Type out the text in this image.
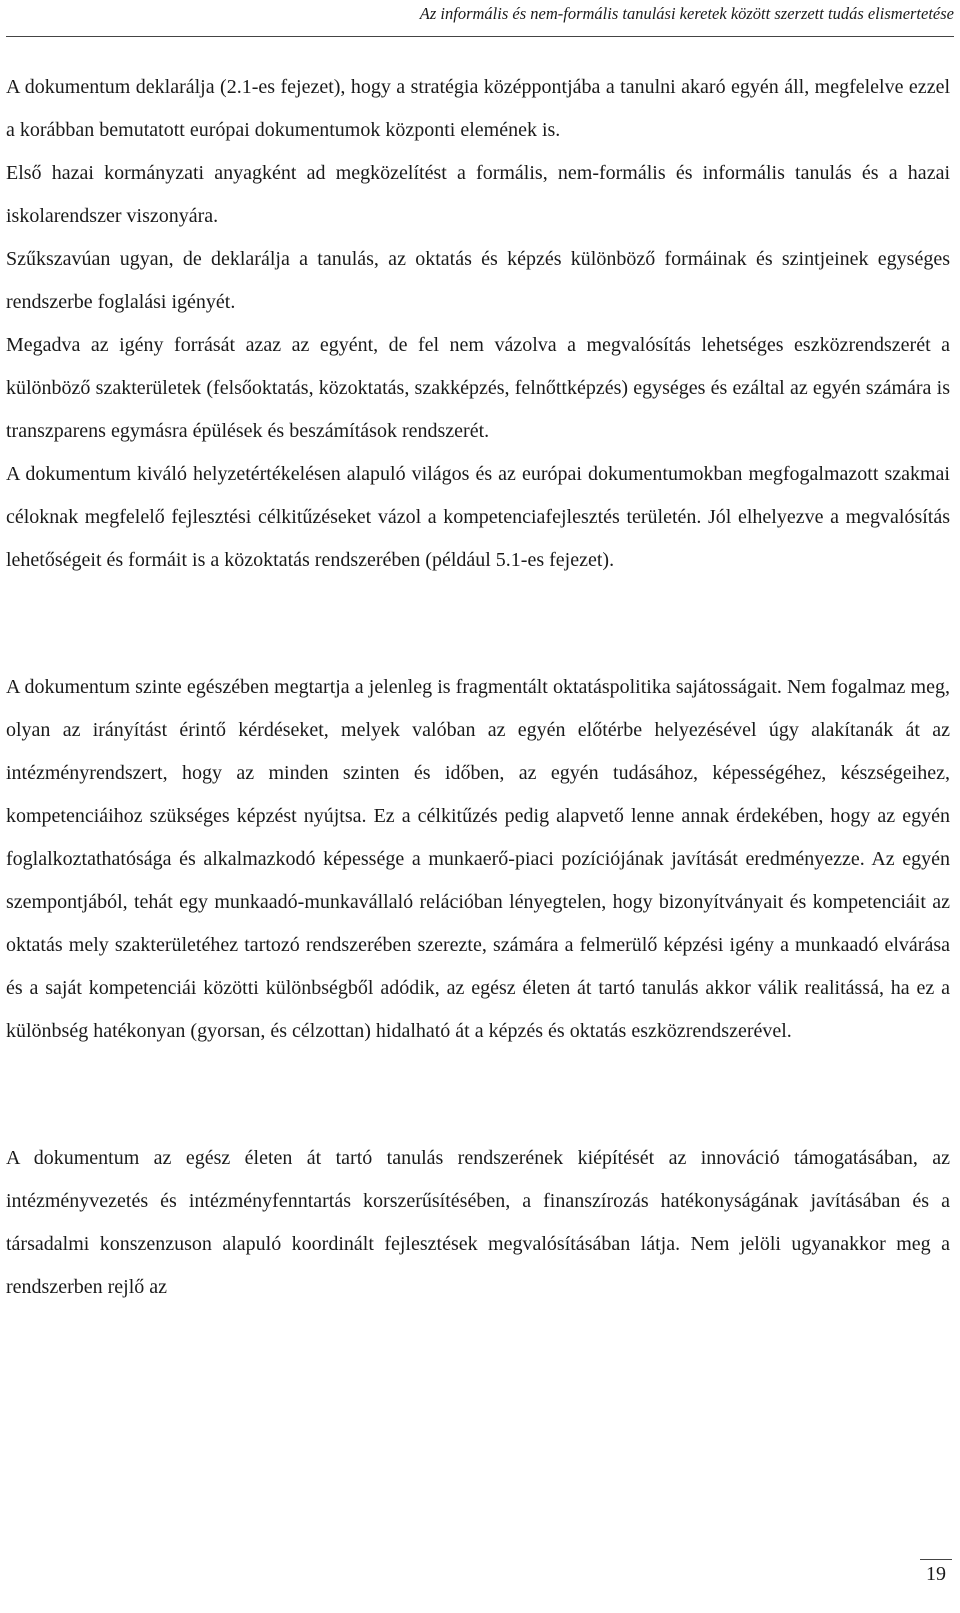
Az informális és nem-formális tanulási keretek között szerzett tudás elismertetése

A dokumentum deklarálja (2.1-es fejezet), hogy a stratégia középpontjába a tanulni akaró egyén áll, megfelelve ezzel a korábban bemutatott európai dokumentumok központi elemének is.

Első hazai kormányzati anyagként ad megközelítést a formális, nem-formális és informális tanulás és a hazai iskolarendszer viszonyára.

Szűkszavúan ugyan, de deklarálja a tanulás, az oktatás és képzés különböző formáinak és szintjeinek egységes rendszerbe foglalási igényét.

Megadva az igény forrását azaz az egyént, de fel nem vázolva a megvalósítás lehetséges eszközrendszerét a különböző szakterületek (felsőoktatás, közoktatás, szakképzés, felnőttképzés) egységes és ezáltal az egyén számára is transzparens egymásra épülések és beszámítások rendszerét.

A dokumentum kiváló helyzetértékelésen alapuló világos és az európai dokumentumokban megfogalmazott szakmai céloknak megfelelő fejlesztési célkitűzéseket vázol a kompetenciafejlesztés területén. Jól elhelyezve a megvalósítás lehetőségeit és formáit is a közoktatás rendszerében (például 5.1-es fejezet).

A dokumentum szinte egészében megtartja a jelenleg is fragmentált oktatáspolitika sajátosságait. Nem fogalmaz meg, olyan az irányítást érintő kérdéseket, melyek valóban az egyén előtérbe helyezésével úgy alakítanák át az intézményrendszert, hogy az minden szinten és időben, az egyén tudásához, képességéhez, készségeihez, kompetenciáihoz szükséges képzést nyújtsa. Ez a célkitűzés pedig alapvető lenne annak érdekében, hogy az egyén foglalkoztathatósága és alkalmazkodó képessége a munkaerő-piaci pozíciójának javítását eredményezze. Az egyén szempontjából, tehát egy munkaadó-munkavállaló relációban lényegtelen, hogy bizonyítványait és kompetenciáit az oktatás mely szakterületéhez tartozó rendszerében szerezte, számára a felmerülő képzési igény a munkaadó elvárása és a saját kompetenciái közötti különbségből adódik, az egész életen át tartó tanulás akkor válik realitássá, ha ez a különbség hatékonyan (gyorsan, és célzottan) hidalható át a képzés és oktatás eszközrendszerével.

A dokumentum az egész életen át tartó tanulás rendszerének kiépítését az innováció támogatásában, az intézményvezetés és intézményfenntartás korszerűsítésében, a finanszírozás hatékonyságának javításában és a társadalmi konszenzuson alapuló koordinált fejlesztések megvalósításában látja. Nem jelöli ugyanakkor meg a rendszerben rejlő az

19
